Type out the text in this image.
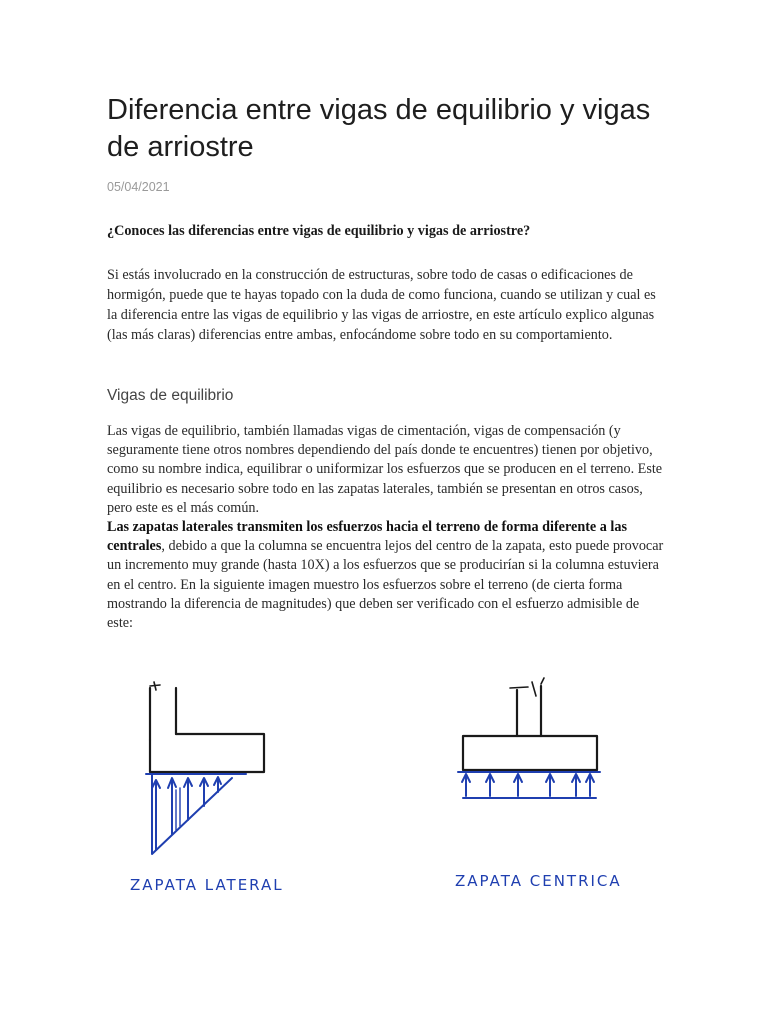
Diferencia entre vigas de equilibrio y vigas de arriostre
05/04/2021

¿Conoces las diferencias entre vigas de equilibrio y vigas de arriostre?

Si estás involucrado en la construcción de estructuras, sobre todo de casas o edificaciones de hormigón, puede que te hayas topado con la duda de como funciona, cuando se utilizan y cual es la diferencia entre las vigas de equilibrio y las vigas de arriostre, en este artículo explico algunas (las más claras) diferencias entre ambas, enfocándome sobre todo en su comportamiento.

Vigas de equilibrio

Las vigas de equilibrio, también llamadas vigas de cimentación, vigas de compensación (y seguramente tiene otros nombres dependiendo del país donde te encuentres) tienen por objetivo, como su nombre indica, equilibrar o uniformizar los esfuerzos que se producen en el terreno. Este equilibrio es necesario sobre todo en las zapatas laterales, también se presentan en otros casos, pero este es el más común.

Las zapatas laterales transmiten los esfuerzos hacia el terreno de forma diferente a las centrales, debido a que la columna se encuentra lejos del centro de la zapata, esto puede provocar un incremento muy grande (hasta 10X) a los esfuerzos que se producirían si la columna estuviera en el centro. En la siguiente imagen muestro los esfuerzos sobre el terreno (de cierta forma mostrando la diferencia de magnitudes) que deben ser verificado con el esfuerzo admisible de este:

ZAPATA LATERAL	ZAPATA CENTRICA
